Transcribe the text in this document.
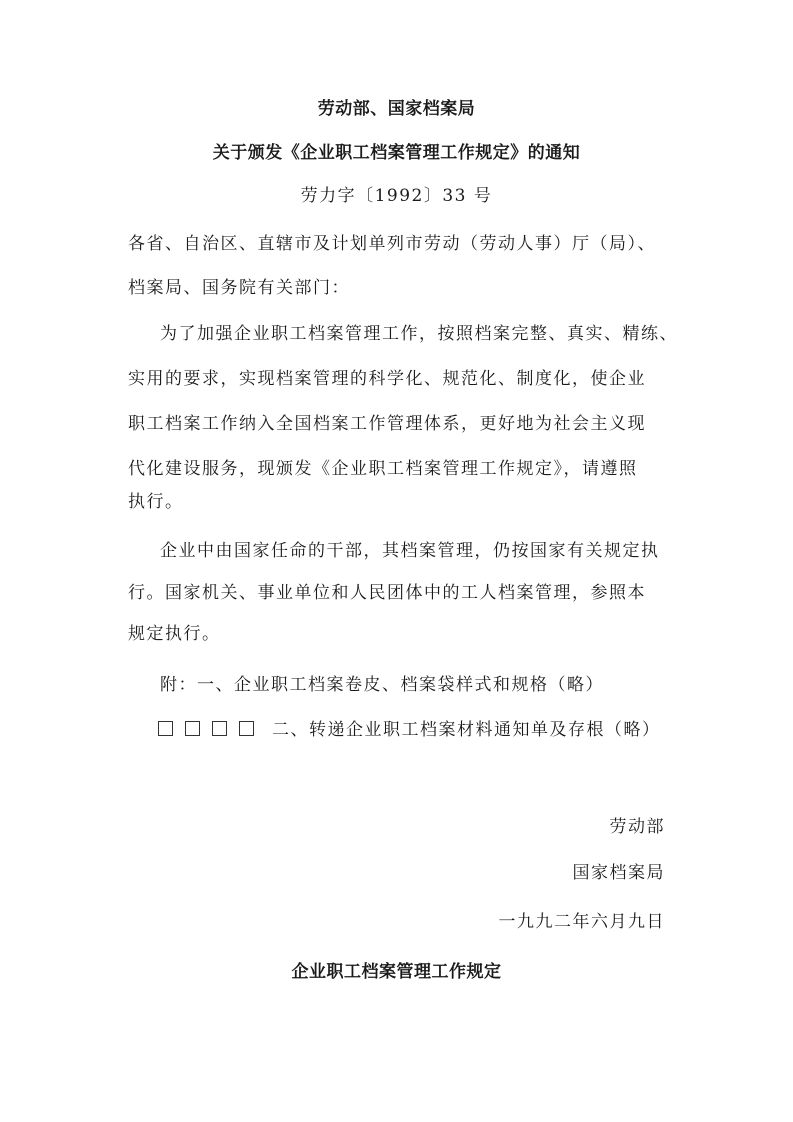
劳动部、国家档案局
关于颁发《企业职工档案管理工作规定》的通知
劳力字〔1992〕33 号
各省、自治区、直辖市及计划单列市劳动（劳动人事）厅（局）、
档案局、国务院有关部门：
为了加强企业职工档案管理工作，按照档案完整、真实、精练、
实用的要求，实现档案管理的科学化、规范化、制度化，使企业
职工档案工作纳入全国档案工作管理体系，更好地为社会主义现
代化建设服务，现颁发《企业职工档案管理工作规定》，请遵照
执行。
企业中由国家任命的干部，其档案管理，仍按国家有关规定执
行。国家机关、事业单位和人民团体中的工人档案管理，参照本
规定执行。
附：一、企业职工档案卷皮、档案袋样式和规格（略）
二、转递企业职工档案材料通知单及存根（略）
劳动部
国家档案局
一九九二年六月九日
企业职工档案管理工作规定
